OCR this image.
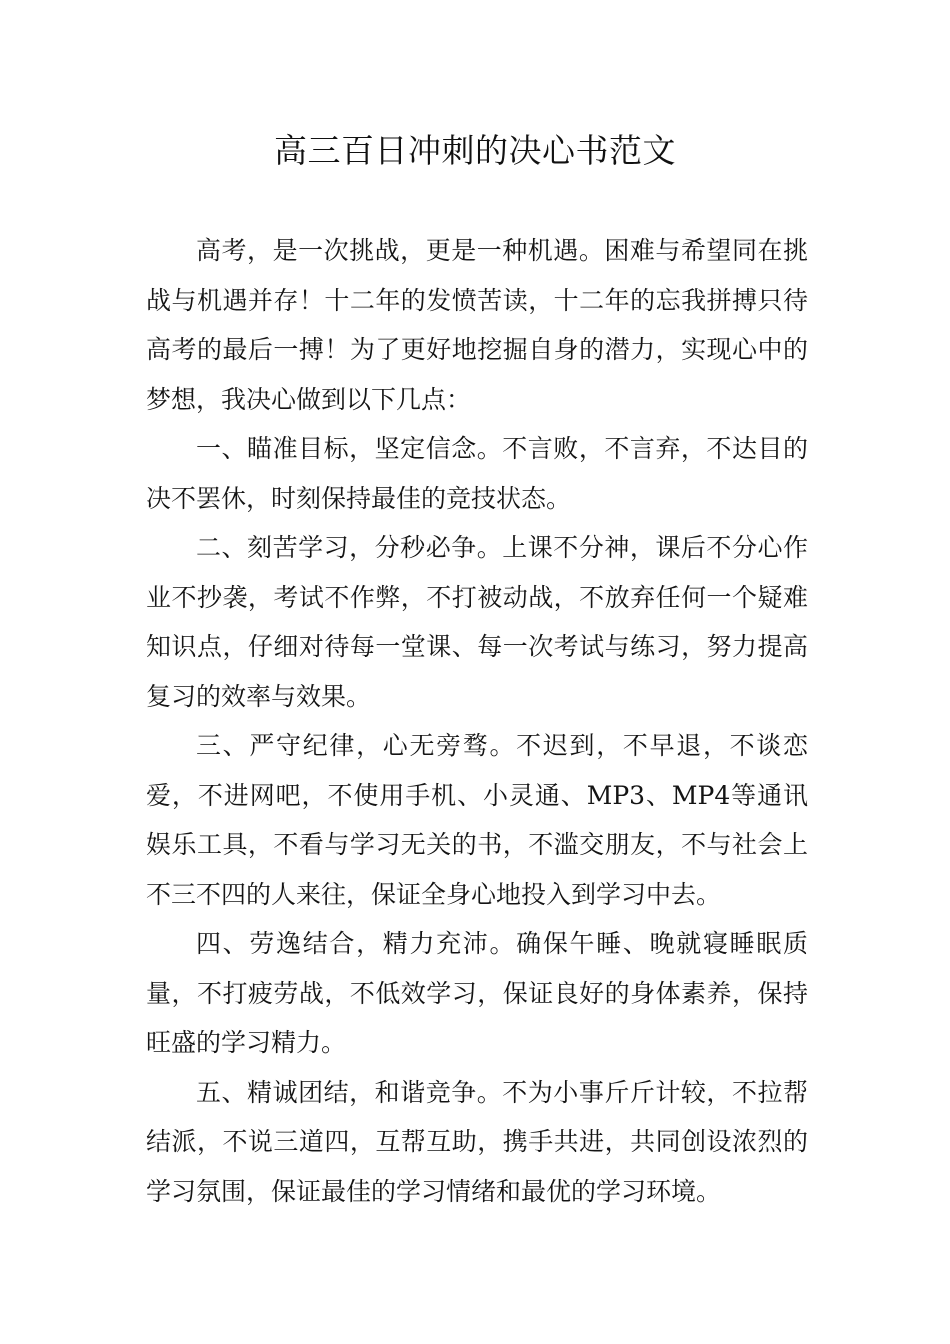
高三百日冲刺的决心书范文

高考，是一次挑战，更是一种机遇。困难与希望同在挑战与机遇并存！十二年的发愤苦读，十二年的忘我拼搏只待高考的最后一搏！为了更好地挖掘自身的潜力，实现心中的梦想，我决心做到以下几点：

一、瞄准目标，坚定信念。不言败，不言弃，不达目的决不罢休，时刻保持最佳的竞技状态。

二、刻苦学习，分秒必争。上课不分神，课后不分心作业不抄袭，考试不作弊，不打被动战，不放弃任何一个疑难知识点，仔细对待每一堂课、每一次考试与练习，努力提高复习的效率与效果。

三、严守纪律，心无旁骛。不迟到，不早退，不谈恋爱，不进网吧，不使用手机、小灵通、MP3、MP4等通讯娱乐工具，不看与学习无关的书，不滥交朋友，不与社会上不三不四的人来往，保证全身心地投入到学习中去。

四、劳逸结合，精力充沛。确保午睡、晚就寝睡眠质量，不打疲劳战，不低效学习，保证良好的身体素养，保持旺盛的学习精力。

五、精诚团结，和谐竞争。不为小事斤斤计较，不拉帮结派，不说三道四，互帮互助，携手共进，共同创设浓烈的学习氛围，保证最佳的学习情绪和最优的学习环境。
